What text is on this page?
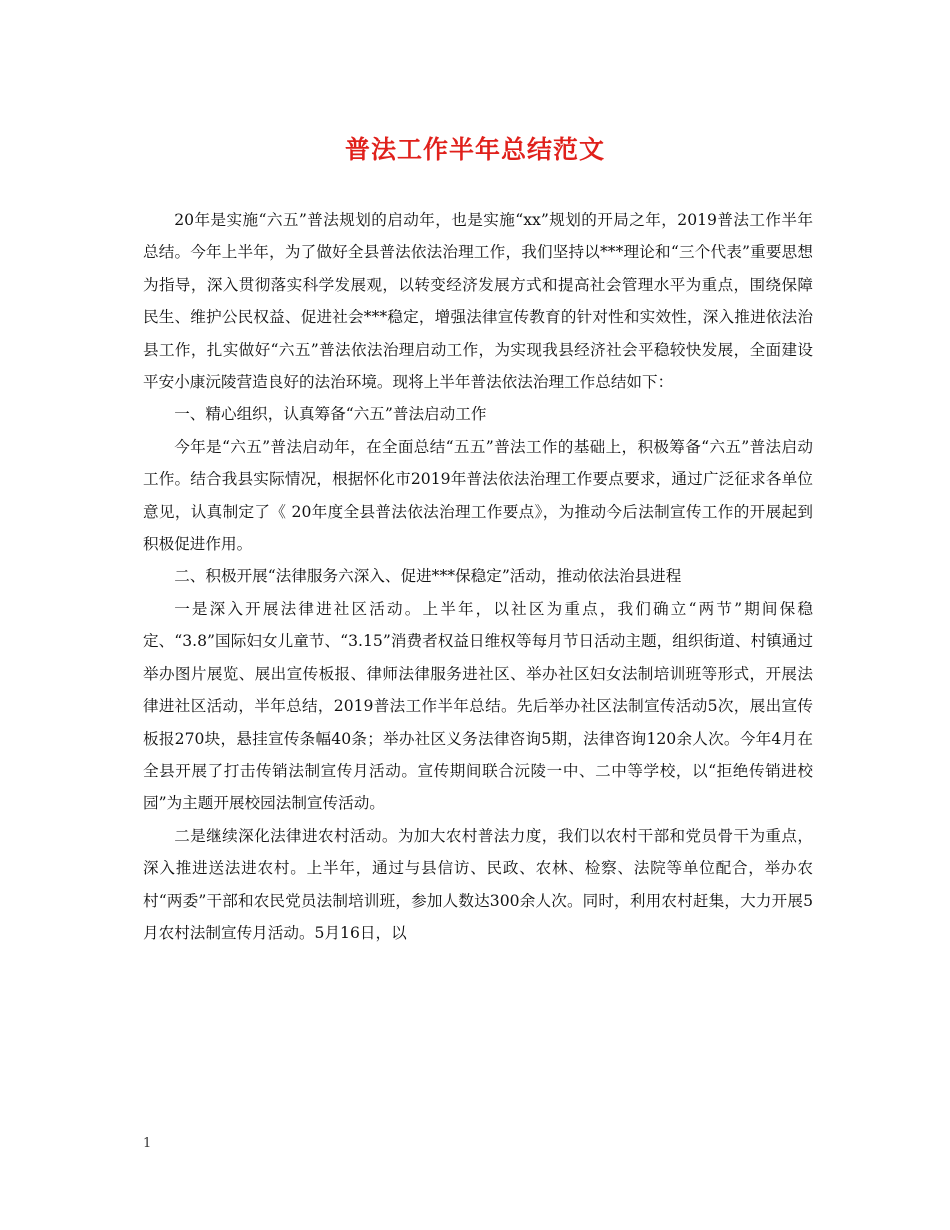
普法工作半年总结范文

20年是实施“六五”普法规划的启动年，也是实施“xx”规划的开局之年，2019普法工作半年总结。今年上半年，为了做好全县普法依法治理工作，我们坚持以***理论和“三个代表”重要思想为指导，深入贯彻落实科学发展观，以转变经济发展方式和提高社会管理水平为重点，围绕保障民生、维护公民权益、促进社会***稳定，增强法律宣传教育的针对性和实效性，深入推进依法治县工作，扎实做好“六五”普法依法治理启动工作，为实现我县经济社会平稳较快发展，全面建设平安小康沅陵营造良好的法治环境。现将上半年普法依法治理工作总结如下：

一、精心组织，认真筹备“六五”普法启动工作

今年是“六五”普法启动年，在全面总结“五五”普法工作的基础上，积极筹备“六五”普法启动工作。结合我县实际情况，根据怀化市2019年普法依法治理工作要点要求，通过广泛征求各单位意见，认真制定了《 20年度全县普法依法治理工作要点》，为推动今后法制宣传工作的开展起到积极促进作用。

二、积极开展“法律服务六深入、促进***保稳定”活动，推动依法治县进程

一是深入开展法律进社区活动。上半年，以社区为重点，我们确立“两节”期间保稳定、“3.8”国际妇女儿童节、“3.15”消费者权益日维权等每月节日活动主题，组织街道、村镇通过举办图片展览、展出宣传板报、律师法律服务进社区、举办社区妇女法制培训班等形式，开展法律进社区活动，半年总结，2019普法工作半年总结。先后举办社区法制宣传活动5次，展出宣传板报270块，悬挂宣传条幅40条；举办社区义务法律咨询5期，法律咨询120余人次。今年4月在全县开展了打击传销法制宣传月活动。宣传期间联合沅陵一中、二中等学校，以“拒绝传销进校园”为主题开展校园法制宣传活动。

二是继续深化法律进农村活动。为加大农村普法力度，我们以农村干部和党员骨干为重点，深入推进送法进农村。上半年，通过与县信访、民政、农林、检察、法院等单位配合，举办农村“两委”干部和农民党员法制培训班，参加人数达300余人次。同时，利用农村赶集，大力开展5月农村法制宣传月活动。5月16日，以

1
